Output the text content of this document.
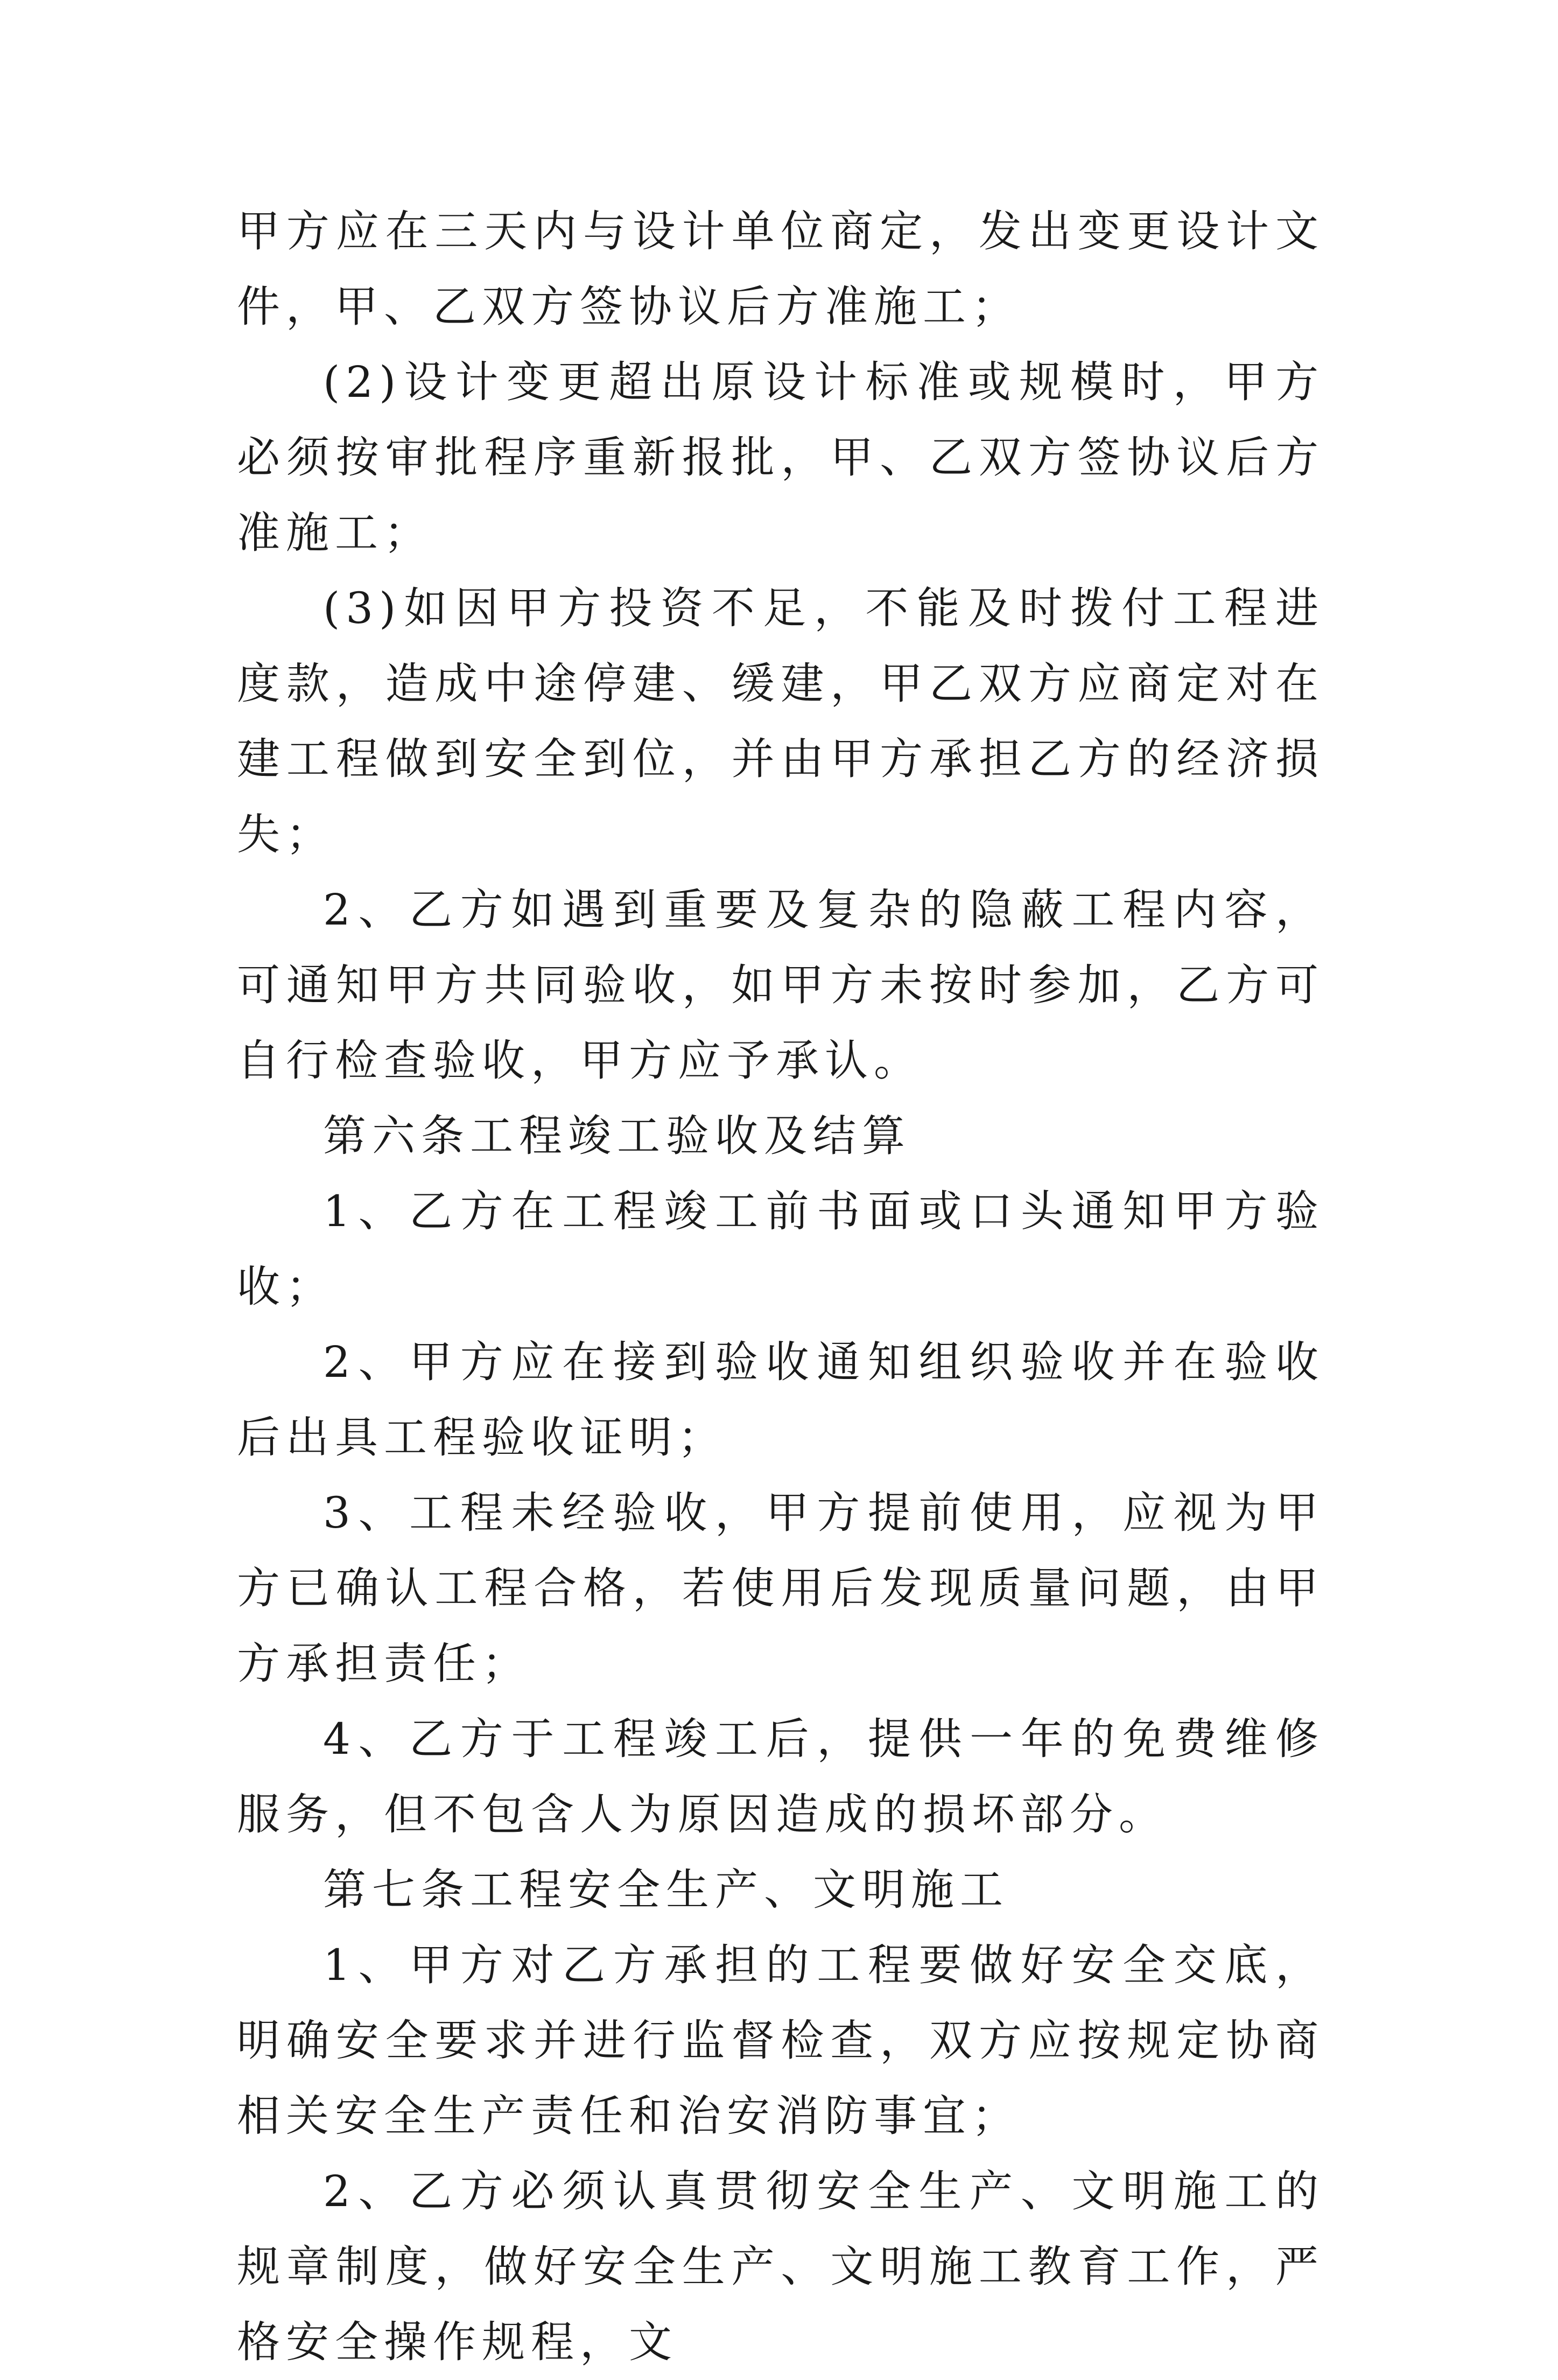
甲方应在三天内与设计单位商定，发出变更设计文件，甲、乙双方签协议后方准施工；

(2)设计变更超出原设计标准或规模时，甲方必须按审批程序重新报批，甲、乙双方签协议后方准施工；

(3)如因甲方投资不足，不能及时拨付工程进度款，造成中途停建、缓建，甲乙双方应商定对在建工程做到安全到位，并由甲方承担乙方的经济损失；

2、乙方如遇到重要及复杂的隐蔽工程内容，可通知甲方共同验收，如甲方未按时参加，乙方可自行检查验收，甲方应予承认。

第六条工程竣工验收及结算

1、乙方在工程竣工前书面或口头通知甲方验收；

2、甲方应在接到验收通知组织验收并在验收后出具工程验收证明；

3、工程未经验收，甲方提前使用，应视为甲方已确认工程合格，若使用后发现质量问题，由甲方承担责任；

4、乙方于工程竣工后，提供一年的免费维修服务，但不包含人为原因造成的损坏部分。

第七条工程安全生产、文明施工

1、甲方对乙方承担的工程要做好安全交底，明确安全要求并进行监督检查，双方应按规定协商相关安全生产责任和治安消防事宜；

2、乙方必须认真贯彻安全生产、文明施工的规章制度，做好安全生产、文明施工教育工作，严格安全操作规程，文
